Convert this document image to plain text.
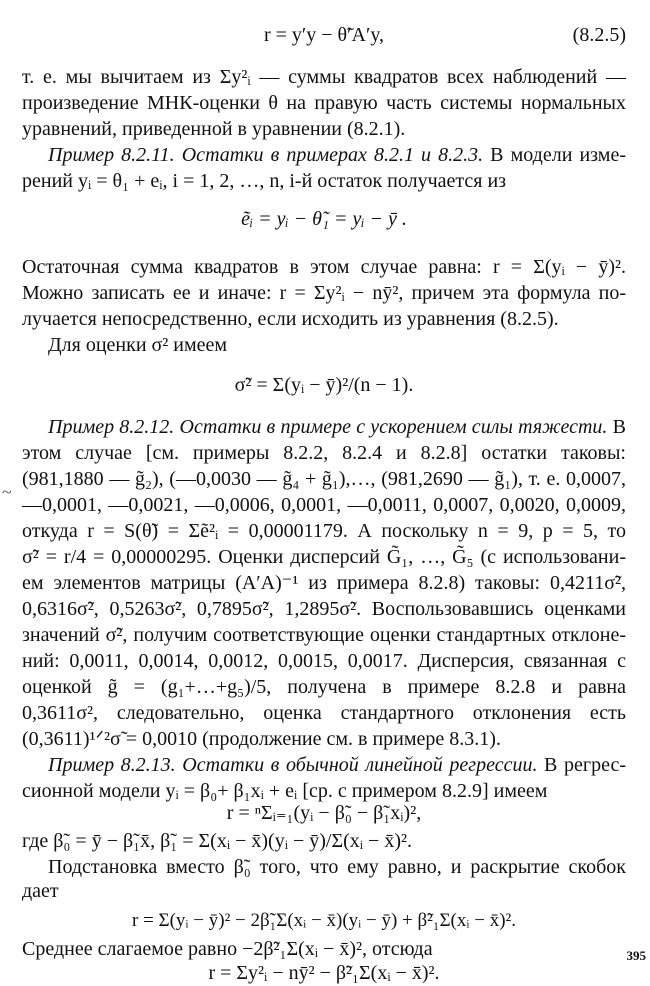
r = y′y − θ̃′A′y,	(8.2.5)
т. е. мы вычитаем из Σy²ᵢ — суммы квадратов всех наблюдений —
произведение МНК-оценки θ на правую часть системы нормальных
уравнений, приведенной в уравнении (8.2.1).
Пример 8.2.11. Остатки в примерах 8.2.1 и 8.2.3. В модели изме-
рений yᵢ = θ₁ + eᵢ, i = 1, 2, …, n, i-й остаток получается из
ẽᵢ = yᵢ − θ̃₁ = yᵢ − ȳ .
Остаточная сумма квадратов в этом случае равна: r = Σ(yᵢ − ȳ)².
Можно записать ее и иначе: r = Σy²ᵢ − nȳ², причем эта формула по-
лучается непосредственно, если исходить из уравнения (8.2.5).
Для оценки σ² имеем
σ̃² = Σ(yᵢ − ȳ)²/(n − 1).
Пример 8.2.12. Остатки в примере с ускорением силы тяжести. В
этом случае [см. примеры 8.2.2, 8.2.4 и 8.2.8] остатки таковы:
(981,1880 — g̃₂), (—0,0030 — g̃₄ + g̃₁),…, (981,2690 — g̃₁), т. е. 0,0007,
—0,0001, —0,0021, —0,0006, 0,0001, —0,0011, 0,0007, 0,0020, 0,0009,
откуда r = S(θ̃) = Σẽ²ᵢ = 0,00001179. А поскольку n = 9, p = 5, то
σ̃² = r/4 = 0,00000295. Оценки дисперсий G̃₁, …, G̃₅ (с использовани-
ем элементов матрицы (A′A)⁻¹ из примера 8.2.8) таковы: 0,4211σ̃²,
0,6316σ̃², 0,5263σ̃², 0,7895σ̃², 1,2895σ̃². Воспользовавшись оценками
значений σ̃², получим соответствующие оценки стандартных отклоне-
ний: 0,0011, 0,0014, 0,0012, 0,0015, 0,0017. Дисперсия, связанная с
оценкой g̃ = (g₁+…+g₅)/5, полученa в примере 8.2.8 и равна
0,3611σ², следовательно, оценка стандартного отклонения есть
(0,3611)¹ᐟ²σ̃ = 0,0010 (продолжение см. в примере 8.3.1).
Пример 8.2.13. Остатки в обычной линейной регрессии. В регрес-
сионной модели yᵢ = β₀+ β₁xᵢ + eᵢ [ср. с примером 8.2.9] имеем
r = ⁿΣᵢ₌₁(yᵢ − β̃₀ − β̃₁xᵢ)²,
где β̃₀ = ȳ − β̃₁x̄, β̃₁ = Σ(xᵢ − x̄)(yᵢ − ȳ)/Σ(xᵢ − x̄)².
Подстановка вместо β̃₀ того, что ему равно, и раскрытие скобок
дает
r = Σ(yᵢ − ȳ)² − 2β̃₁Σ(xᵢ − x̄)(yᵢ − ȳ) + β̃²₁Σ(xᵢ − x̄)².
Среднее слагаемое равно −2β̃²₁Σ(xᵢ − x̄)², отсюда
r = Σy²ᵢ − nȳ² − β̃²₁Σ(xᵢ − x̄)².
~
395
